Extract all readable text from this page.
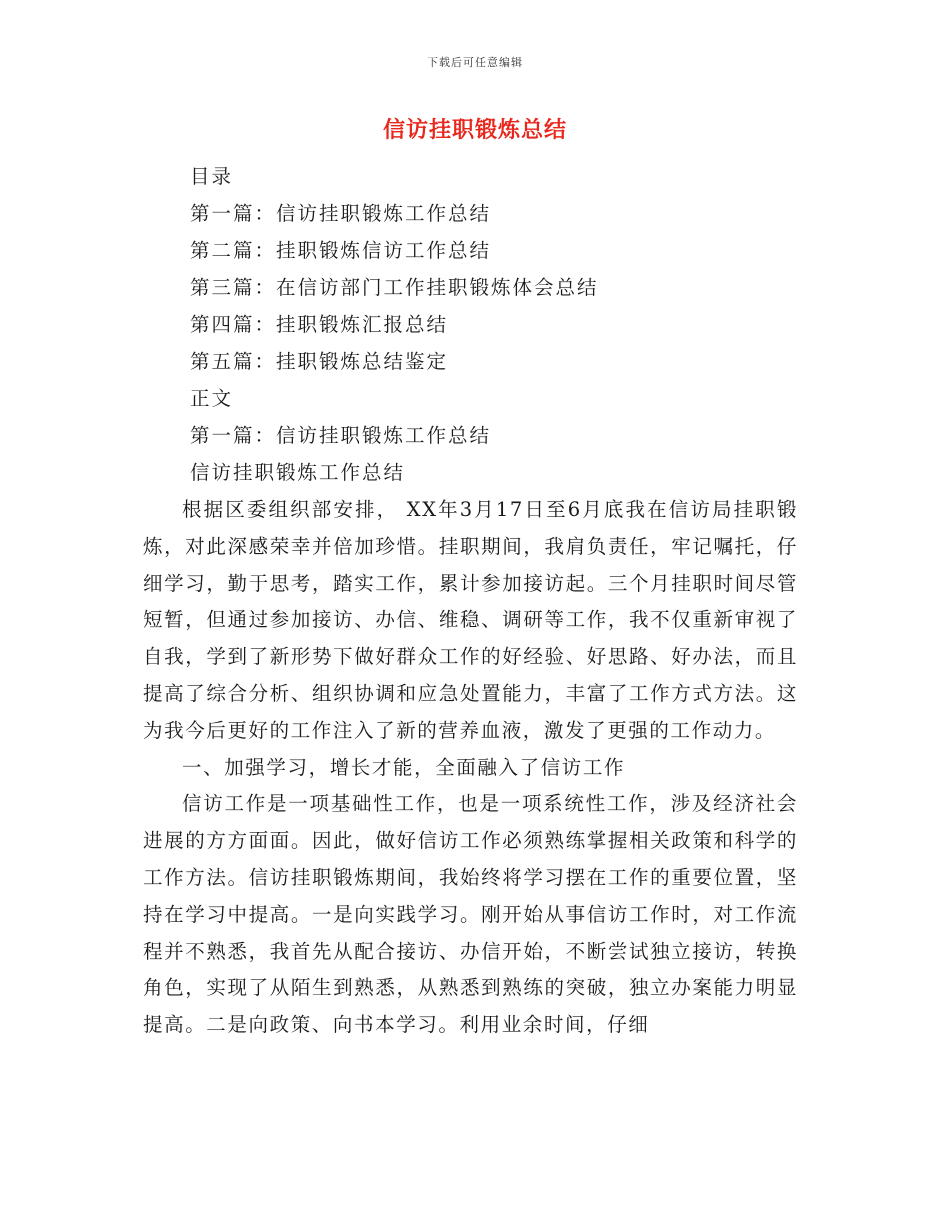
下载后可任意编辑
信访挂职锻炼总结
目录
第一篇：信访挂职锻炼工作总结
第二篇：挂职锻炼信访工作总结
第三篇：在信访部门工作挂职锻炼体会总结
第四篇：挂职锻炼汇报总结
第五篇：挂职锻炼总结鉴定
正文
第一篇：信访挂职锻炼工作总结
信访挂职锻炼工作总结

根据区委组织部安排， XX年3月17日至6月底我在信访局挂职锻炼，对此深感荣幸并倍加珍惜。挂职期间，我肩负责任，牢记嘱托，仔细学习，勤于思考，踏实工作，累计参加接访起。三个月挂职时间尽管短暂，但通过参加接访、办信、维稳、调研等工作，我不仅重新审视了自我，学到了新形势下做好群众工作的好经验、好思路、好办法，而且提高了综合分析、组织协调和应急处置能力，丰富了工作方式方法。这为我今后更好的工作注入了新的营养血液，激发了更强的工作动力。

一、加强学习，增长才能，全面融入了信访工作

信访工作是一项基础性工作，也是一项系统性工作，涉及经济社会进展的方方面面。因此，做好信访工作必须熟练掌握相关政策和科学的工作方法。信访挂职锻炼期间，我始终将学习摆在工作的重要位置，坚持在学习中提高。一是向实践学习。刚开始从事信访工作时，对工作流程并不熟悉，我首先从配合接访、办信开始，不断尝试独立接访，转换角色，实现了从陌生到熟悉，从熟悉到熟练的突破，独立办案能力明显提高。二是向政策、向书本学习。利用业余时间，仔细
